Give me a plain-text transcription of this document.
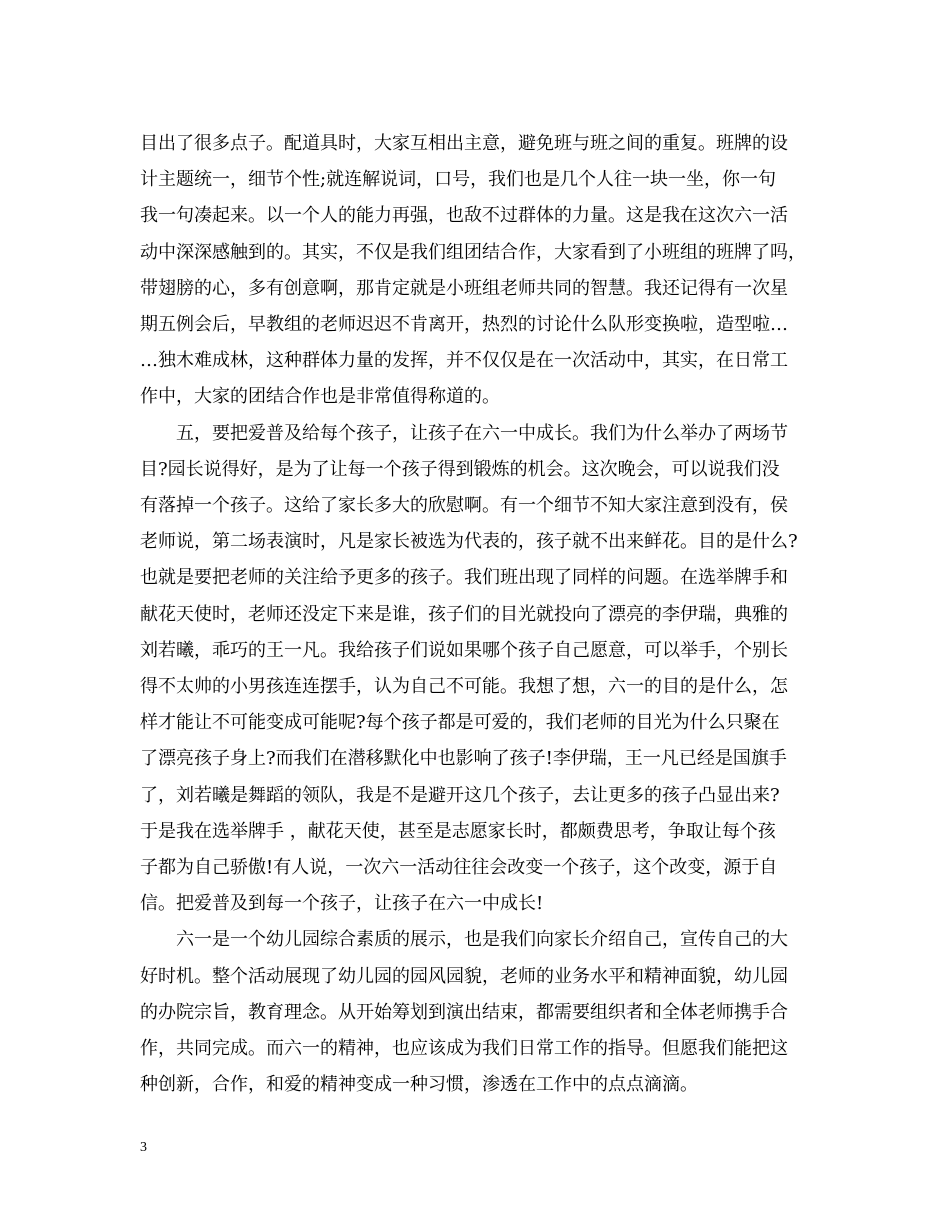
目出了很多点子。配道具时，大家互相出主意，避免班与班之间的重复。班牌的设
计主题统一，细节个性;就连解说词，口号，我们也是几个人往一块一坐，你一句
我一句凑起来。以一个人的能力再强，也敌不过群体的力量。这是我在这次六一活
动中深深感触到的。其实，不仅是我们组团结合作，大家看到了小班组的班牌了吗，
带翅膀的心，多有创意啊，那肯定就是小班组老师共同的智慧。我还记得有一次星
期五例会后，早教组的老师迟迟不肯离开，热烈的讨论什么队形变换啦，造型啦…
…独木难成林，这种群体力量的发挥，并不仅仅是在一次活动中，其实，在日常工
作中，大家的团结合作也是非常值得称道的。
　　五，要把爱普及给每个孩子，让孩子在六一中成长。我们为什么举办了两场节
目?园长说得好，是为了让每一个孩子得到锻炼的机会。这次晚会，可以说我们没
有落掉一个孩子。这给了家长多大的欣慰啊。有一个细节不知大家注意到没有，侯
老师说，第二场表演时，凡是家长被选为代表的，孩子就不出来鲜花。目的是什么?
也就是要把老师的关注给予更多的孩子。我们班出现了同样的问题。在选举牌手和
献花天使时，老师还没定下来是谁，孩子们的目光就投向了漂亮的李伊瑞，典雅的
刘若曦，乖巧的王一凡。我给孩子们说如果哪个孩子自己愿意，可以举手，个别长
得不太帅的小男孩连连摆手，认为自己不可能。我想了想，六一的目的是什么，怎
样才能让不可能变成可能呢?每个孩子都是可爱的，我们老师的目光为什么只聚在
了漂亮孩子身上?而我们在潜移默化中也影响了孩子!李伊瑞，王一凡已经是国旗手
了，刘若曦是舞蹈的领队，我是不是避开这几个孩子，去让更多的孩子凸显出来?
于是我在选举牌手 ，献花天使，甚至是志愿家长时，都颇费思考，争取让每个孩
子都为自己骄傲!有人说，一次六一活动往往会改变一个孩子，这个改变，源于自
信。把爱普及到每一个孩子，让孩子在六一中成长!
　　六一是一个幼儿园综合素质的展示，也是我们向家长介绍自己，宣传自己的大
好时机。整个活动展现了幼儿园的园风园貌，老师的业务水平和精神面貌，幼儿园
的办院宗旨，教育理念。从开始筹划到演出结束，都需要组织者和全体老师携手合
作，共同完成。而六一的精神，也应该成为我们日常工作的指导。但愿我们能把这
种创新，合作，和爱的精神变成一种习惯，渗透在工作中的点点滴滴。
3
